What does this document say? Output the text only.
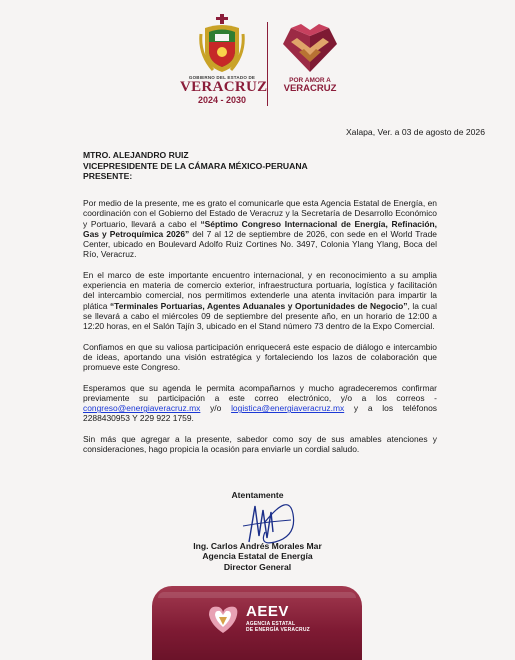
GOBIERNO DEL ESTADO DE
VERACRUZ
2024 - 2030
POR AMOR A
VERACRUZ
Xalapa, Ver. a 03 de agosto de 2026
MTRO. ALEJANDRO RUIZ
VICEPRESIDENTE DE LA CÁMARA MÉXICO-PERUANA
PRESENTE:

Por medio de la presente, me es grato el comunicarle que esta Agencia Estatal de Energía, en coordinación con el Gobierno del Estado de Veracruz y la Secretaría de Desarrollo Económico y Portuario, llevará a cabo el “Séptimo Congreso Internacional de Energía, Refinación, Gas y Petroquímica 2026” del 7 al 12 de septiembre de 2026, con sede en el World Trade Center, ubicado en Boulevard Adolfo Ruiz Cortines No. 3497, Colonia Ylang Ylang, Boca del Río, Veracruz.

En el marco de este importante encuentro internacional, y en reconocimiento a su amplia experiencia en materia de comercio exterior, infraestructura portuaria, logística y facilitación del intercambio comercial, nos permitimos extenderle una atenta invitación para impartir la plática “Terminales Portuarias, Agentes Aduanales y Oportunidades de Negocio”, la cual se llevará a cabo el miércoles 09 de septiembre del presente año, en un horario de 12:00 a 12:20 horas, en el Salón Tajín 3, ubicado en el Stand número 73 dentro de la Expo Comercial.

Confiamos en que su valiosa participación enriquecerá este espacio de diálogo e intercambio de ideas, aportando una visión estratégica y fortaleciendo los lazos de colaboración que promueve este Congreso.

Esperamos que su agenda le permita acompañarnos y mucho agradeceremos confirmar previamente su participación a este correo electrónico, y/o a los correos - congreso@energiaveracruz.mx y/o logistica@energiaveracruz.mx y a los teléfonos 2288430953 Y 229 922 1759.

Sin más que agregar a la presente, sabedor como soy de sus amables atenciones y consideraciones, hago propicia la ocasión para enviarle un cordial saludo.

Atentamente
Ing. Carlos Andrés Morales Mar
Agencia Estatal de Energía
Director General
AEEV
AGENCIA ESTATAL
DE ENERGÍA VERACRUZ
